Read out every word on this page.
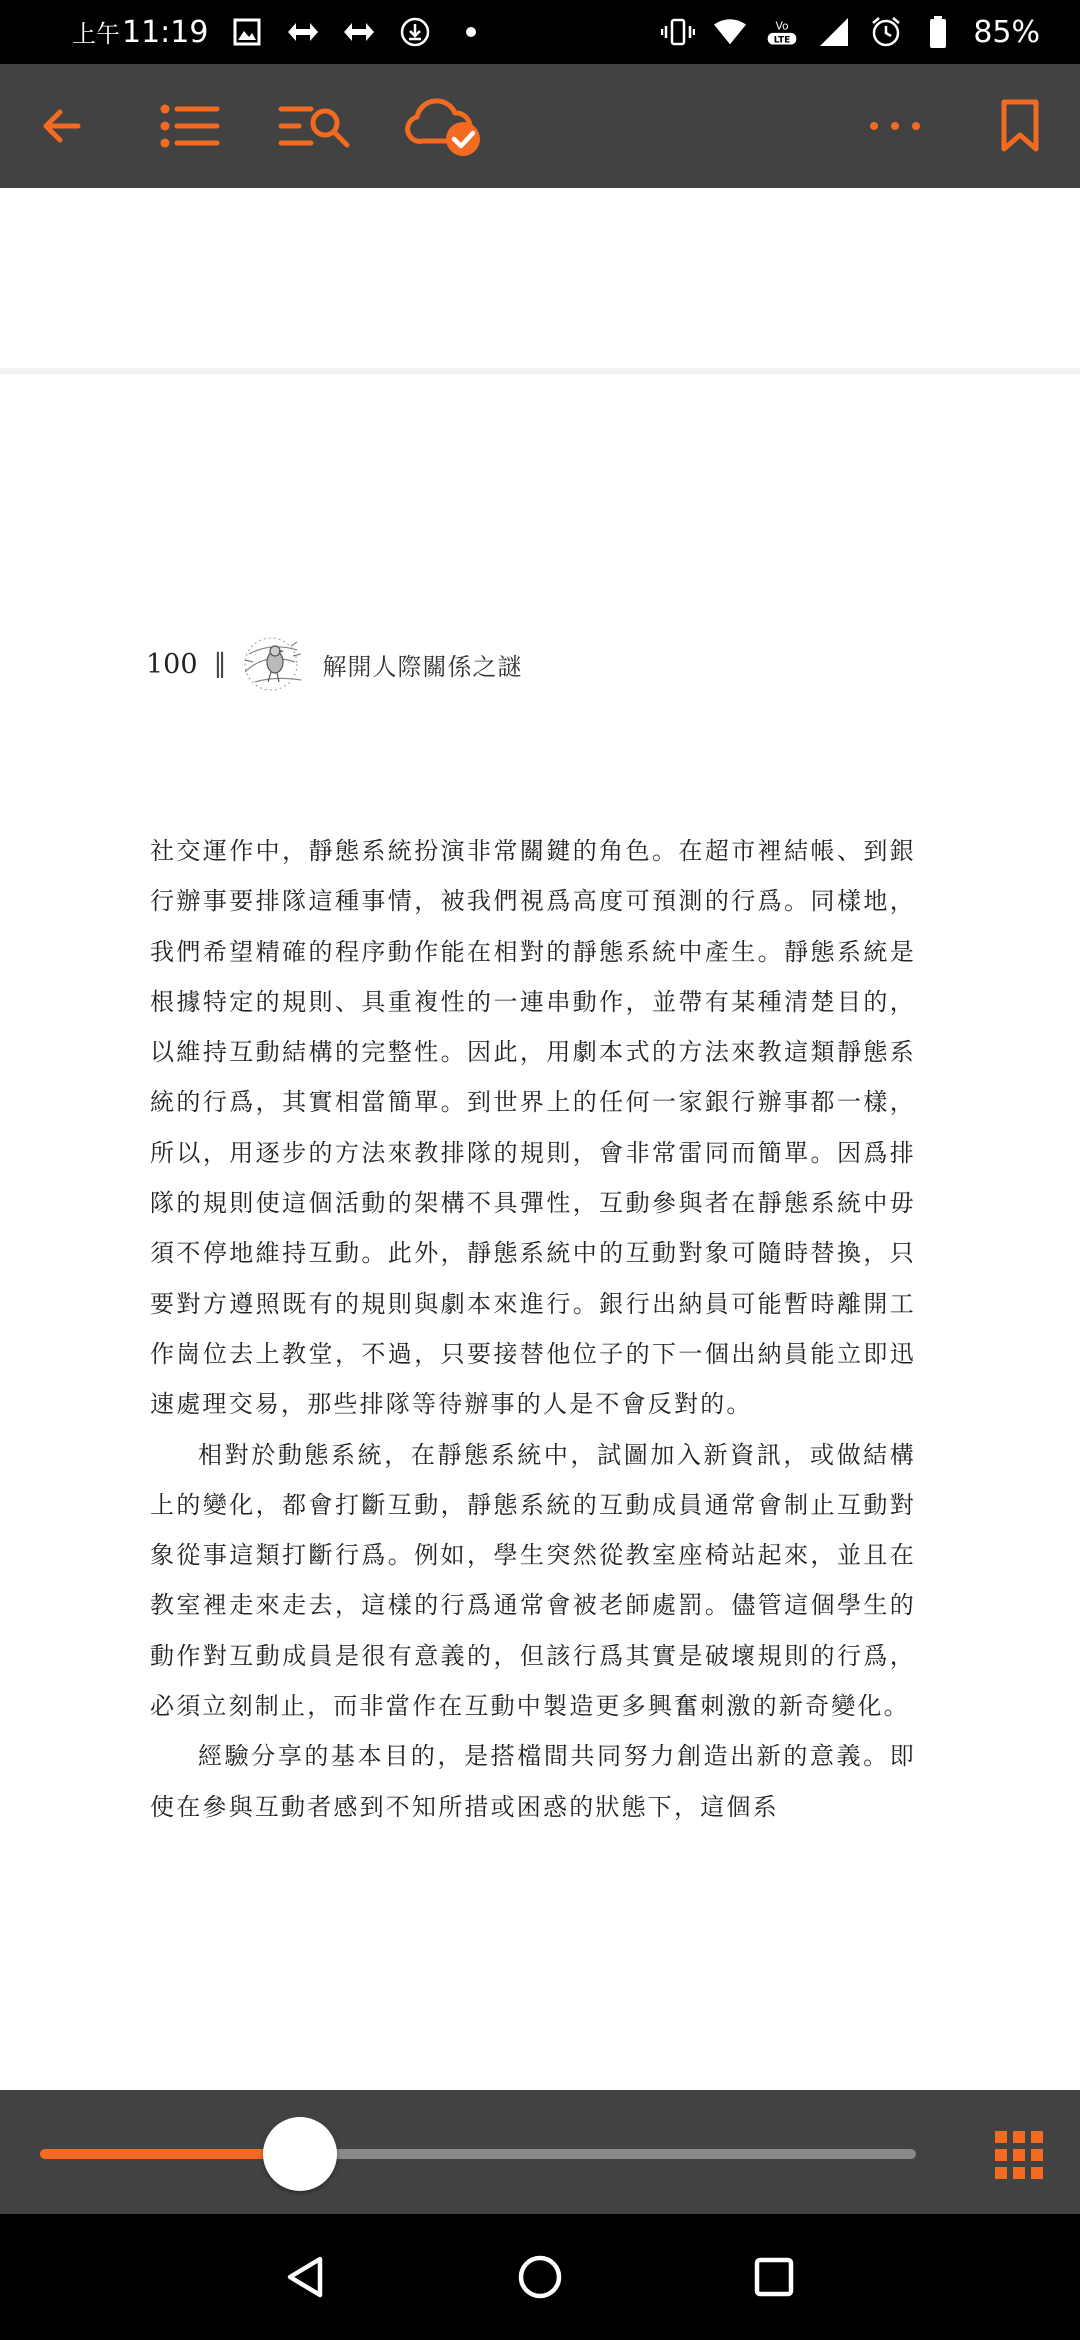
上午 11:19	Vo
LTE	85%
100 ‖	解開人際關係之謎

社交運作中，靜態系統扮演非常關鍵的角色。在超市裡結帳、到銀行辦事要排隊這種事情，被我們視爲高度可預測的行爲。同樣地，我們希望精確的程序動作能在相對的靜態系統中產生。靜態系統是根據特定的規則、具重複性的一連串動作，並帶有某種清楚目的，以維持互動結構的完整性。因此，用劇本式的方法來教這類靜態系統的行爲，其實相當簡單。到世界上的任何一家銀行辦事都一樣，所以，用逐步的方法來教排隊的規則，會非常雷同而簡單。因爲排隊的規則使這個活動的架構不具彈性，互動參與者在靜態系統中毋須不停地維持互動。此外，靜態系統中的互動對象可隨時替換，只要對方遵照既有的規則與劇本來進行。銀行出納員可能暫時離開工作崗位去上教堂，不過，只要接替他位子的下一個出納員能立即迅速處理交易，那些排隊等待辦事的人是不會反對的。

相對於動態系統，在靜態系統中，試圖加入新資訊，或做結構上的變化，都會打斷互動，靜態系統的互動成員通常會制止互動對象從事這類打斷行爲。例如，學生突然從教室座椅站起來，並且在教室裡走來走去，這樣的行爲通常會被老師處罰。儘管這個學生的動作對互動成員是很有意義的，但該行爲其實是破壞規則的行爲，必須立刻制止，而非當作在互動中製造更多興奮刺激的新奇變化。

經驗分享的基本目的，是搭檔間共同努力創造出新的意義。即使在參與互動者感到不知所措或困惑的狀態下，這個系
